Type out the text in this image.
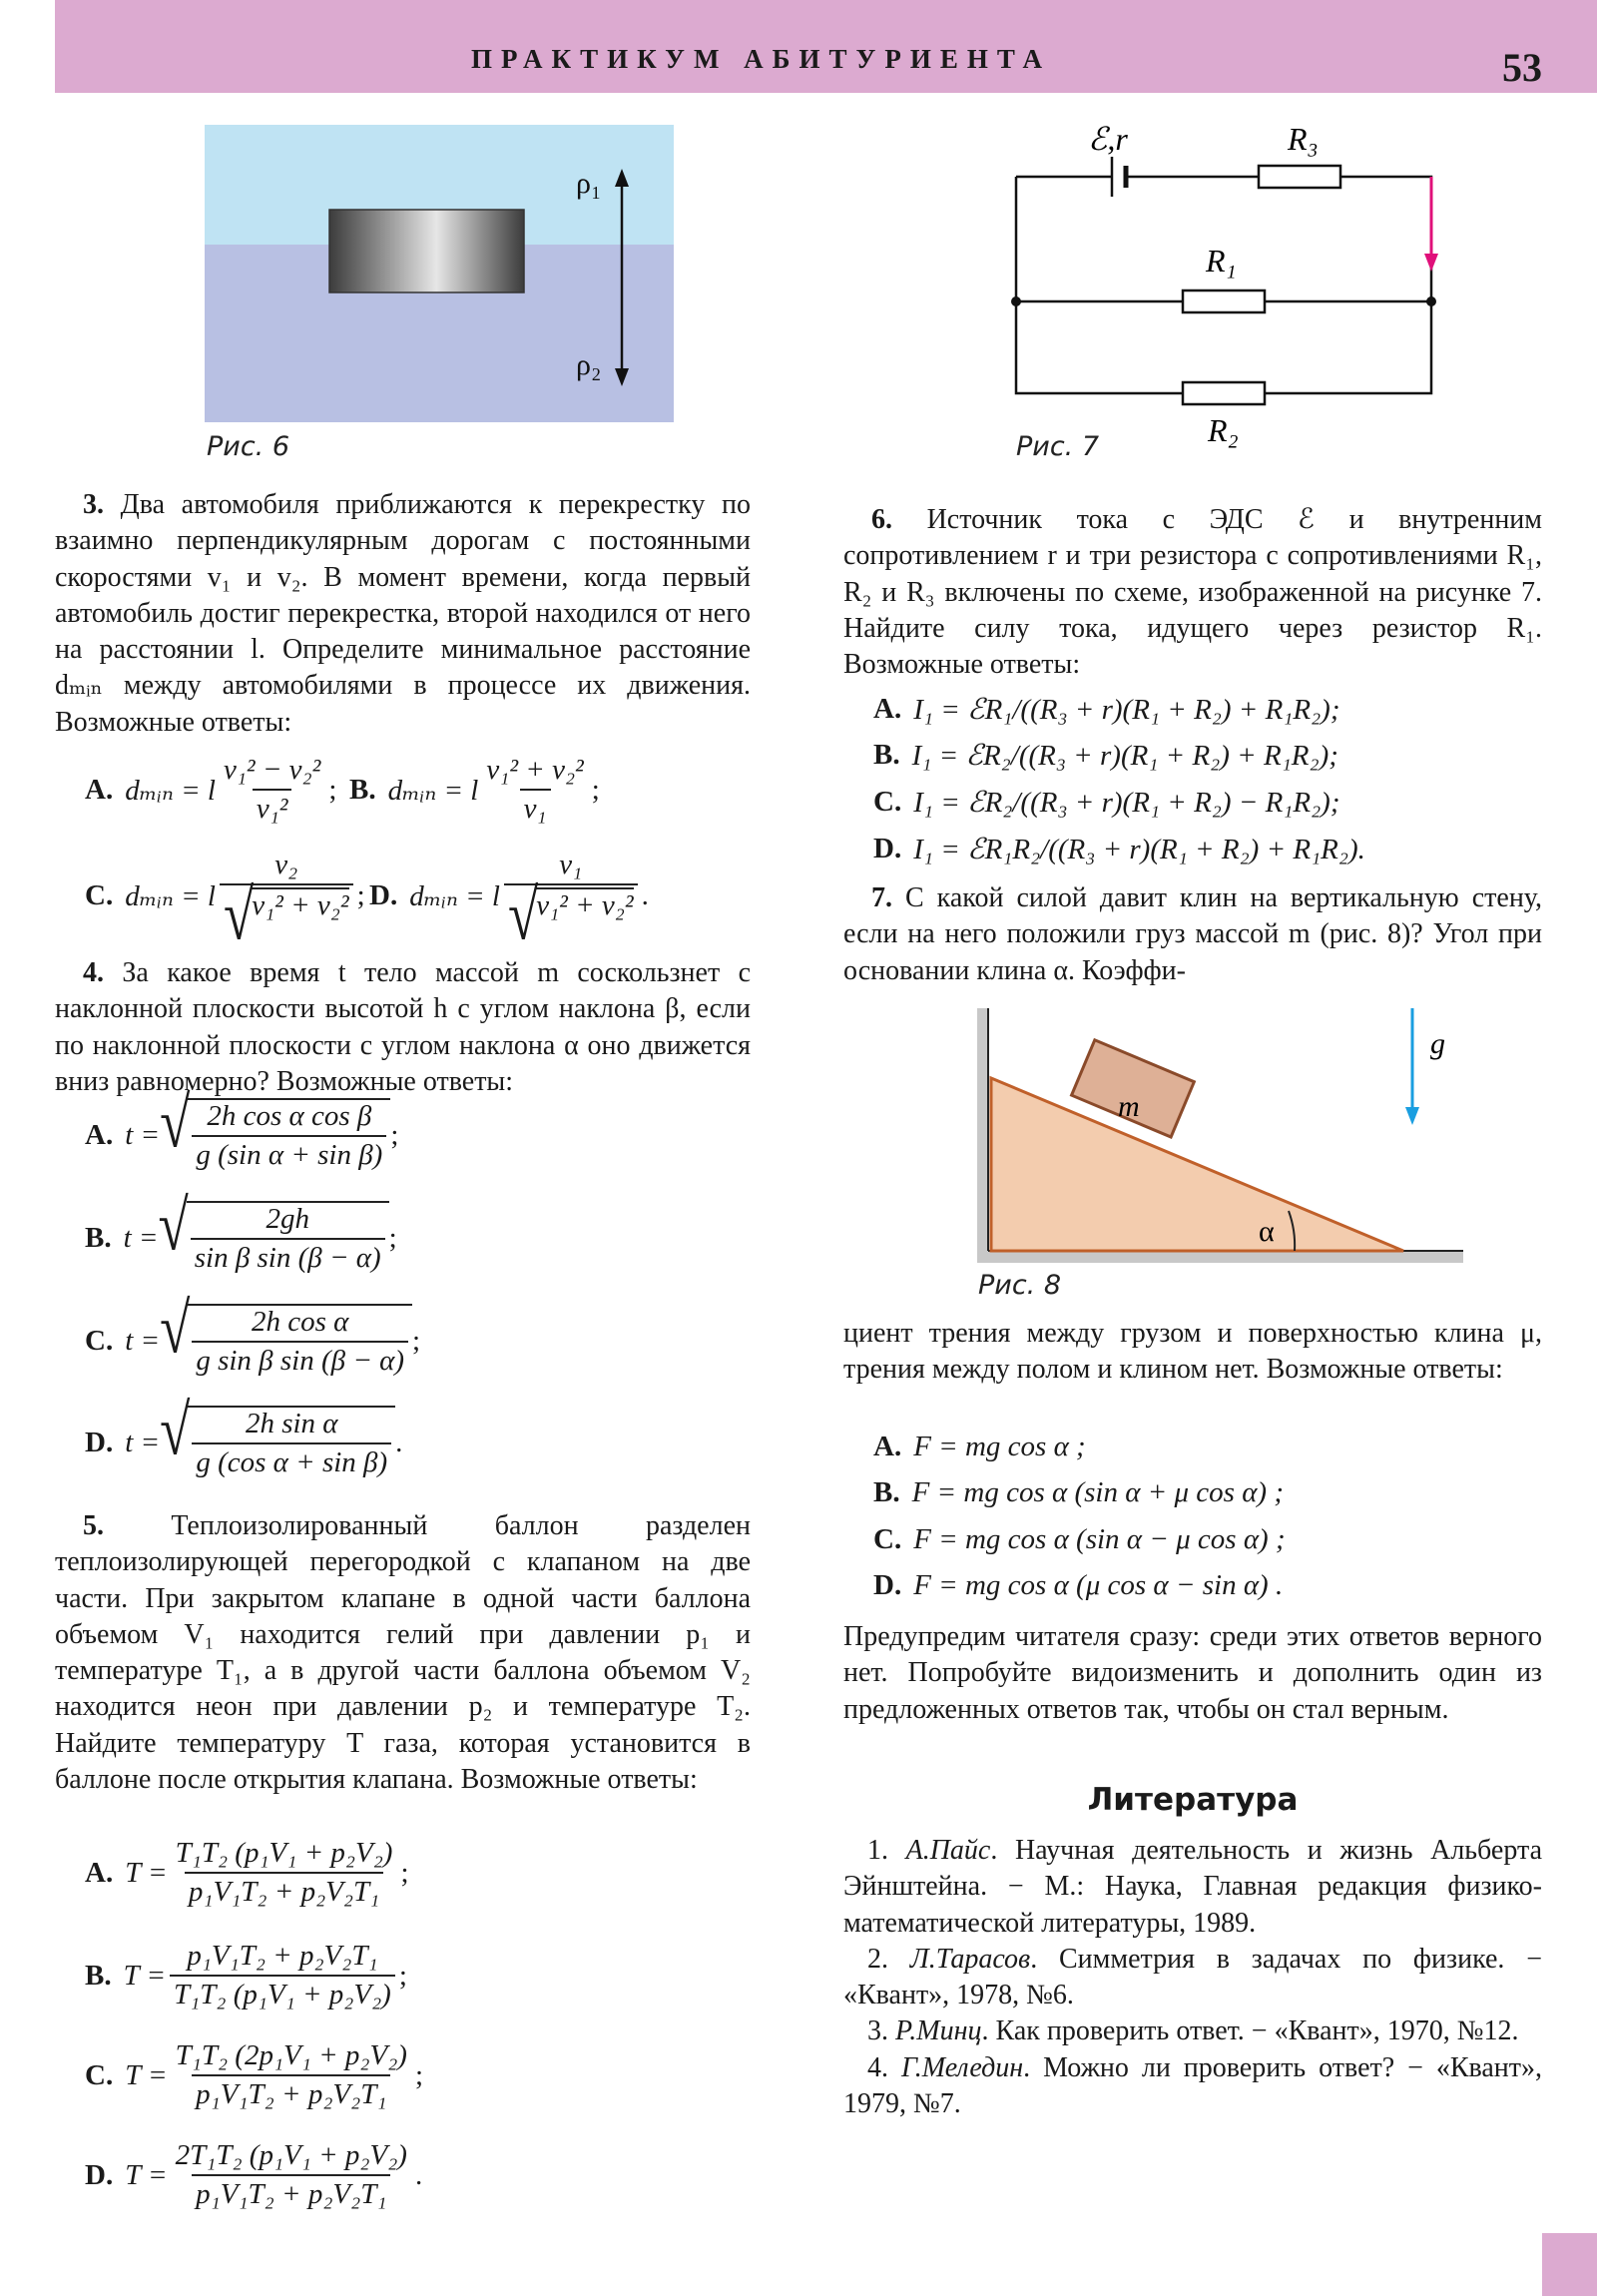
ПРАКТИКУМ АБИТУРИЕНТА	53
ρ₁
ρ₂
Рис. 6
ℰ,r	R₃
R₁
R₂
Рис. 7
m
α
g
Рис. 8

3. Два автомобиля приближаются к перекрестку по взаимно перпендикулярным дорогам с постоянными скоростями v₁ и v₂. В момент времени, когда первый автомобиль достиг перекрестка, второй находился от него на расстоянии l. Определите минимальное расстояние dₘᵢₙ между автомобилями в процессе их движения. Возможные ответы:

4. За какое время t тело массой m соскользнет с наклонной плоскости высотой h с углом наклона β, если по наклонной плоскости с углом наклона α оно движется вниз равномерно? Возможные ответы:

5. Теплоизолированный баллон разделен теплоизолирующей перегородкой с клапаном на две части. При закрытом клапане в одной части баллона объемом V₁ находится гелий при давлении p₁ и температуре T₁, а в другой части баллона объемом V₂ находится неон при давлении p₂ и температуре T₂. Найдите температуру T газа, которая установится в баллоне после открытия клапана. Возможные ответы:

6. Источник тока с ЭДС ℰ и внутренним сопротивлением r и три резистора с сопротивлениями R₁, R₂ и R₃ включены по схеме, изображенной на рисунке 7. Найдите силу тока, идущего через резистор R₁. Возможные ответы:

7. С какой силой давит клин на вертикальную стену, если на него положили груз массой m (рис. 8)? Угол при основании клина α. Коэффи-

циент трения между грузом и поверхностью клина μ, трения между полом и клином нет. Возможные ответы:

Предупредим читателя сразу: среди этих ответов верного нет. Попробуйте видоизменить и дополнить один из предложенных ответов так, чтобы он стал верным.

Литература
1. А.Пайс. Научная деятельность и жизнь Альберта Эйнштейна. − М.: Наука, Главная редакция физико-математической литературы, 1989.
2. Л.Тарасов. Симметрия в задачах по физике. − «Квант», 1978, №6.
3. Р.Минц. Как проверить ответ. − «Квант», 1970, №12.
4. Г.Меледин. Можно ли проверить ответ? − «Квант», 1979, №7.
A. dₘᵢₙ = l $\frac{\text{v₁² − v₂²}}{\text{v₁²}}$ ; B. dₘᵢₙ = l $\frac{\text{v₁² + v₂²}}{\text{v₁}}$ ;
C. dₘᵢₙ = l v₂
√
v₁² + v₂² ; D. dₘᵢₙ = l v₁
√
v₁² + v₂² .
A. t = √ $\frac{\text{2h cos α cos β}}{\text{g (sin α + sin β)}}$ ;
B. t = √ $\frac{2gh}{\text{sin β sin (β − α)}}$ ;
C. t = √ $\frac{\text{2h cos α}}{\text{g sin β sin (β − α)}}$ ;
D. t = √ $\frac{\text{2h sin α}}{\text{g (cos α + sin β)}}$ .
A. $T = \frac{\text{T₁T₂ (p₁V₁ + p₂V₂)}}{\text{p₁V₁T₂ + p₂V₂T₁}}$ ;
B. $T = \frac{\text{p₁V₁T₂ + p₂V₂T₁}}{\text{T₁T₂ (p₁V₁ + p₂V₂)}}$ ;
C. $T = \frac{\text{T₁T₂ (2p₁V₁ + p₂V₂)}}{\text{p₁V₁T₂ + p₂V₂T₁}}$ ;
D. $T = \frac{\text{2T₁T₂ (p₁V₁ + p₂V₂)}}{\text{p₁V₁T₂ + p₂V₂T₁}}$ .
A. I₁ = ℰR₁/((R₃ + r)(R₁ + R₂) + R₁R₂);
B. I₁ = ℰR₂/((R₃ + r)(R₁ + R₂) + R₁R₂);
C. I₁ = ℰR₂/((R₃ + r)(R₁ + R₂) − R₁R₂);
D. I₁ = ℰR₁R₂/((R₃ + r)(R₁ + R₂) + R₁R₂).
A. F = mg cos α ;
B. F = mg cos α (sin α + μ cos α) ;
C. F = mg cos α (sin α − μ cos α) ;
D. F = mg cos α (μ cos α − sin α) .
